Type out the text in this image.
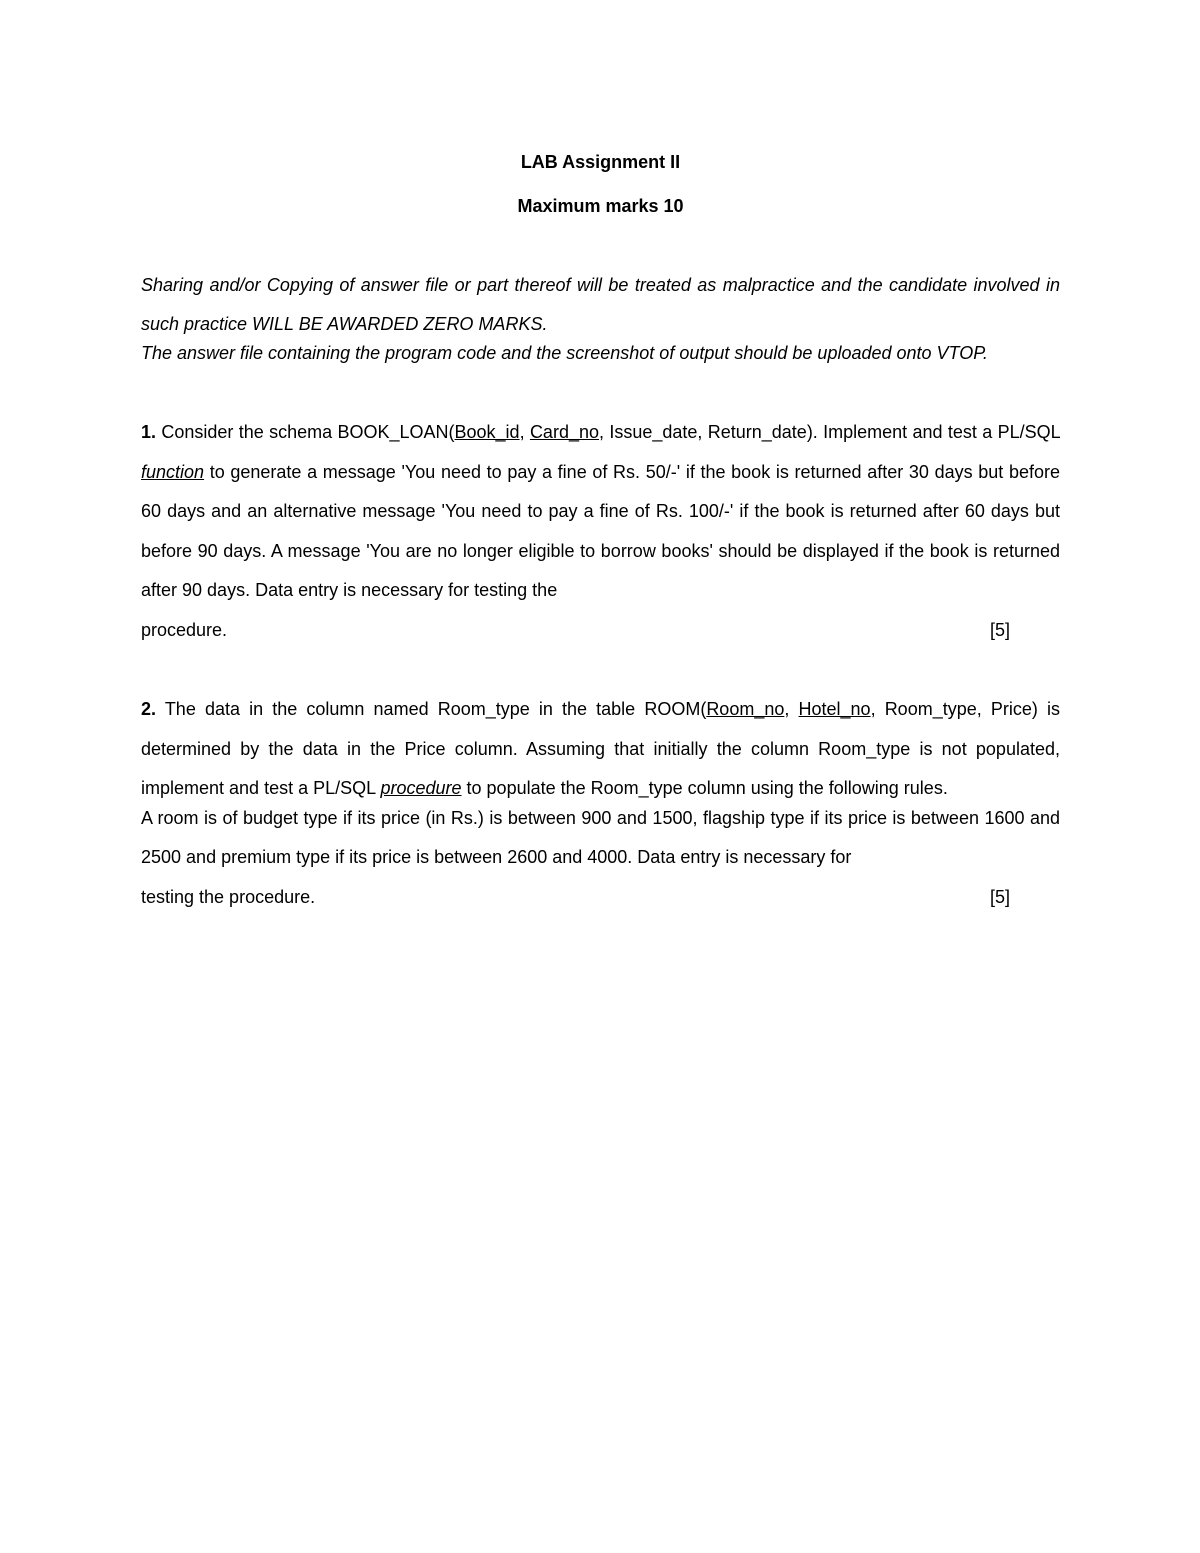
LAB Assignment II
Maximum marks 10

Sharing and/or Copying of answer file or part thereof will be treated as malpractice and the candidate involved in such practice WILL BE AWARDED ZERO MARKS.

The answer file containing the program code and the screenshot of output should be uploaded onto VTOP.

1. Consider the schema BOOK_LOAN(Book_id, Card_no, Issue_date, Return_date). Implement and test a PL/SQL function to generate a message 'You need to pay a fine of Rs. 50/-' if the book is returned after 30 days but before 60 days and an alternative message 'You need to pay a fine of Rs. 100/-' if the book is returned after 60 days but before 90 days. A message 'You are no longer eligible to borrow books' should be displayed if the book is returned after 90 days. Data entry is necessary for testing the

procedure.	[5]

2. The data in the column named Room_type in the table ROOM(Room_no, Hotel_no, Room_type, Price) is determined by the data in the Price column. Assuming that initially the column Room_type is not populated, implement and test a PL/SQL procedure to populate the Room_type column using the following rules.

A room is of budget type if its price (in Rs.) is between 900 and 1500, flagship type if its price is between 1600 and 2500 and premium type if its price is between 2600 and 4000. Data entry is necessary for

testing the procedure.	[5]
